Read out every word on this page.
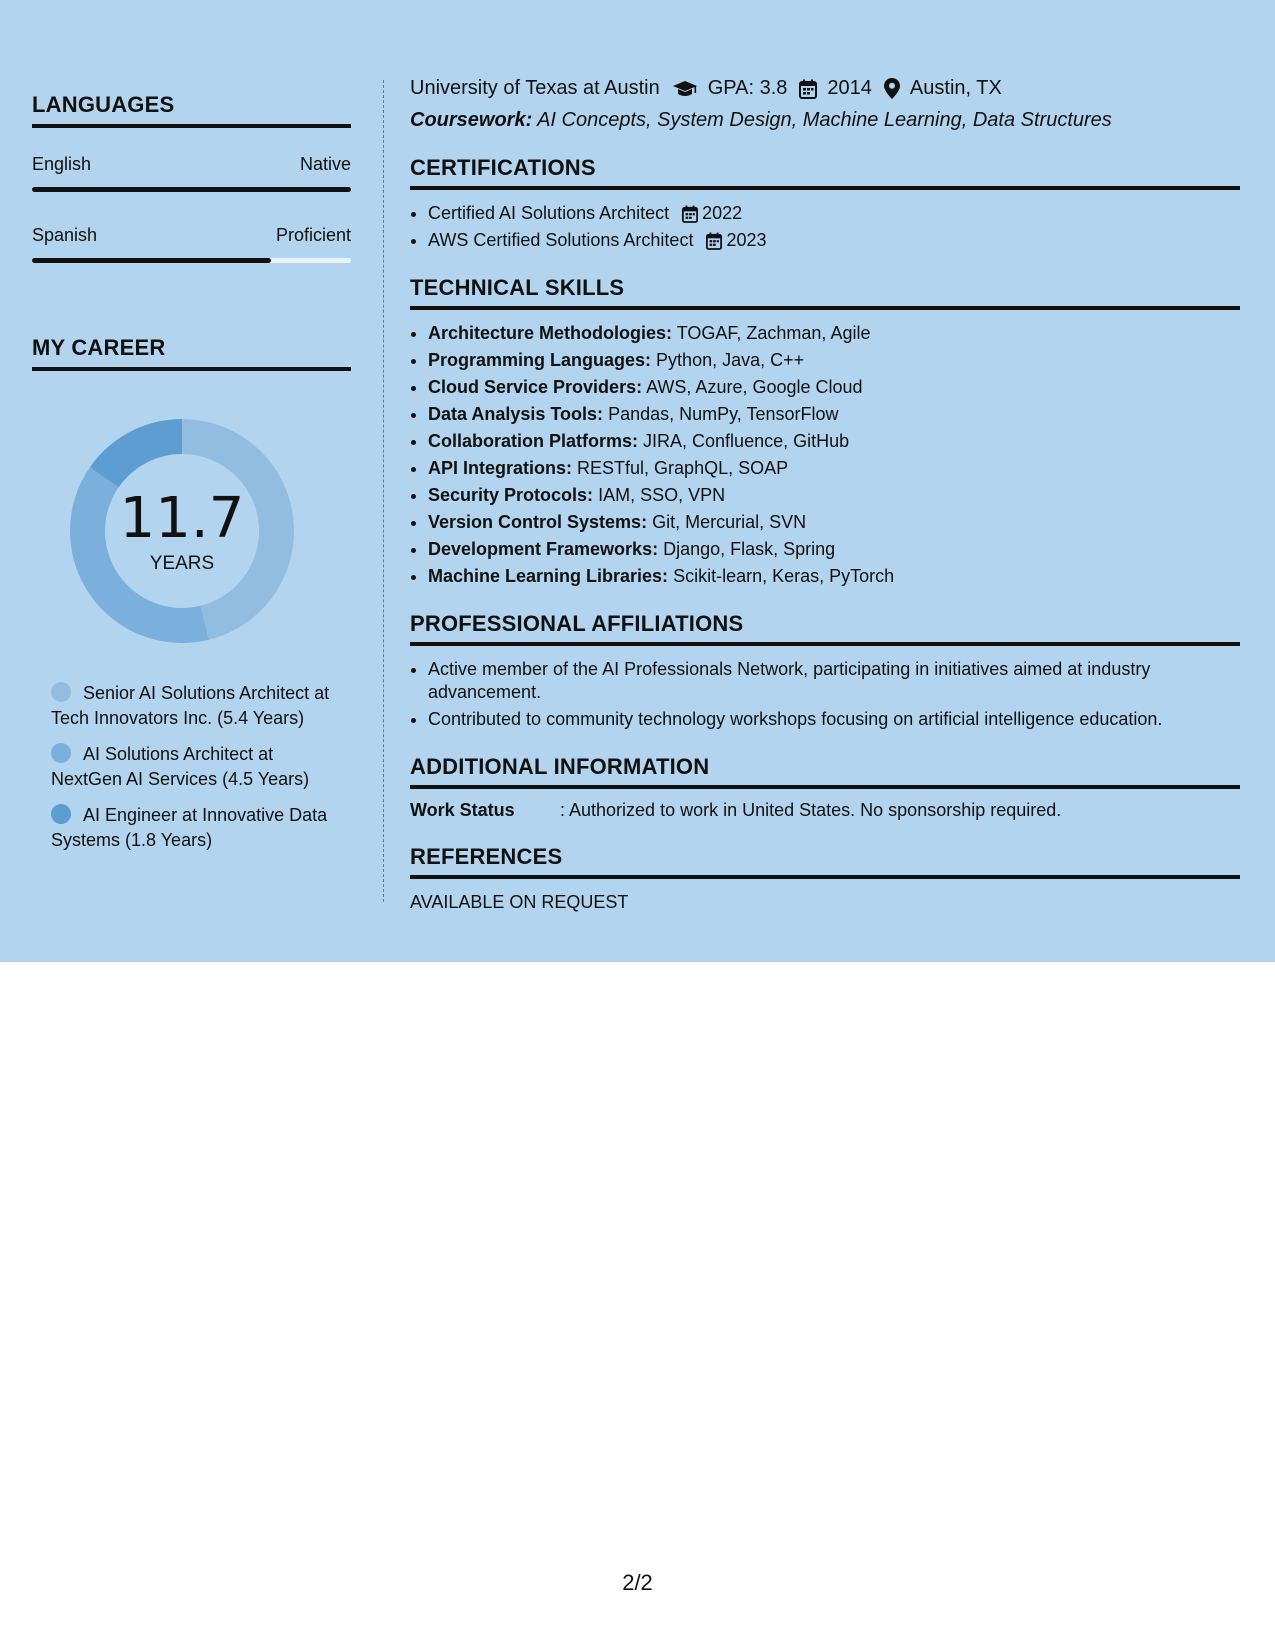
LANGUAGES
English	Native
Spanish	Proficient
MY CAREER
11.7
YEARS
Senior AI Solutions Architect at Tech Innovators Inc. (5.4 Years)
AI Solutions Architect at NextGen AI Services (4.5 Years)
AI Engineer at Innovative Data Systems (1.8 Years)
University of Texas at Austin GPA: 3.8 2014 Austin, TX
Coursework: AI Concepts, System Design, Machine Learning, Data Structures
CERTIFICATIONS
• Certified AI Solutions Architect 2022
• AWS Certified Solutions Architect 2023
TECHNICAL SKILLS
• Architecture Methodologies: TOGAF, Zachman, Agile
• Programming Languages: Python, Java, C++
• Cloud Service Providers: AWS, Azure, Google Cloud
• Data Analysis Tools: Pandas, NumPy, TensorFlow
• Collaboration Platforms: JIRA, Confluence, GitHub
• API Integrations: RESTful, GraphQL, SOAP
• Security Protocols: IAM, SSO, VPN
• Version Control Systems: Git, Mercurial, SVN
• Development Frameworks: Django, Flask, Spring
• Machine Learning Libraries: Scikit-learn, Keras, PyTorch
PROFESSIONAL AFFILIATIONS
• Active member of the AI Professionals Network, participating in initiatives aimed at industry advancement.
• Contributed to community technology workshops focusing on artificial intelligence education.
ADDITIONAL INFORMATION
Work Status	: Authorized to work in United States. No sponsorship required.
REFERENCES
AVAILABLE ON REQUEST
2/2
